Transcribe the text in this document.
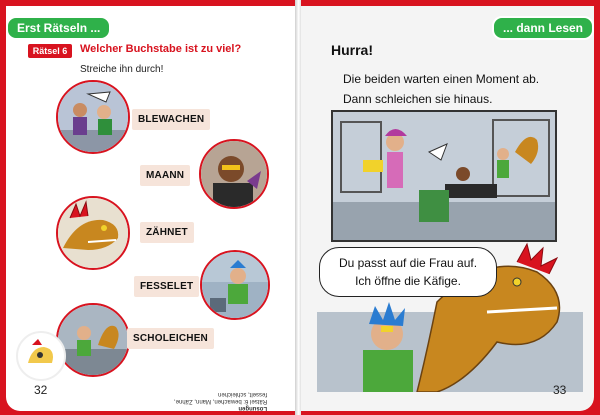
Erst Rätseln ...
Rätsel 6	Welcher Buchstabe ist zu viel?
Streiche ihn durch!
BLEWACHEN
MAANN
ZÄHNET
FESSELET
SCHOLEICHEN
32
Lösungen
Rätsel 6: bewachen, Mann, Zähne,
fesselt, schleichen
... dann Lesen
Hurra!
Die beiden warten einen Moment ab.
Dann schleichen sie hinaus.
Du passt auf die Frau auf.
Ich öffne die Käfige.
33
